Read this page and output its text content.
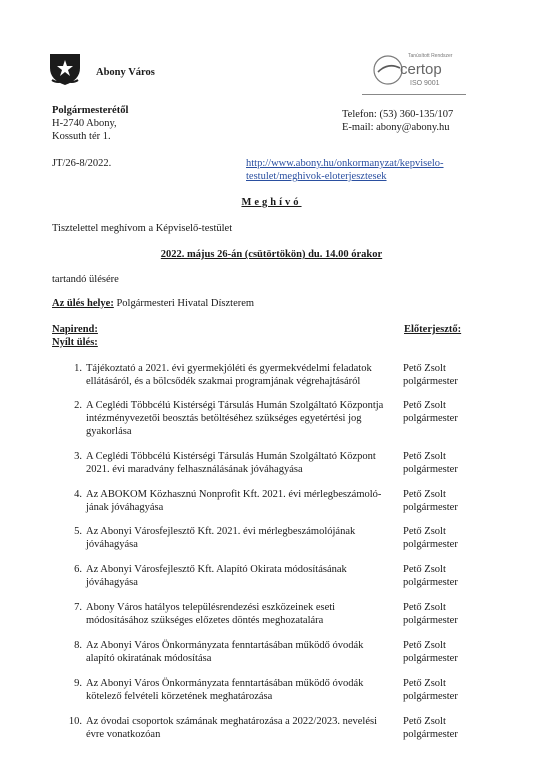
Abony Város
Tanúsított Rendszer
certop
ISO 9001
Polgármesterétől
H-2740 Abony,
Kossuth tér 1.
Telefon: (53) 360-135/107
E-mail: abony@abony.hu
JT/26-8/2022.	http://www.abony.hu/onkormanyzat/kepviselo-
testulet/meghivok-eloterjesztesek
Meghívó
Tisztelettel meghívom a Képviselő-testület
2022. május 26-án (csütörtökön) du. 14.00 órakor
tartandó ülésére
Az ülés helye: Polgármesteri Hivatal Díszterem
Napirend:
Nyílt ülés:
Előterjesztő:
1. Tájékoztató a 2021. évi gyermekjóléti és gyermekvédelmi feladatok
ellátásáról, és a bölcsődék szakmai programjának végrehajtásáról
Pető Zsolt
polgármester
2. A Ceglédi Többcélú Kistérségi Társulás Humán Szolgáltató Központja
intézményvezetői beosztás betöltéséhez szükséges egyetértési jog
gyakorlása
Pető Zsolt
polgármester
3. A Ceglédi Többcélú Kistérségi Társulás Humán Szolgáltató Központ
2021. évi maradvány felhasználásának jóváhagyása
Pető Zsolt
polgármester
4. Az ABOKOM Közhasznú Nonprofit Kft. 2021. évi mérlegbeszámoló-
jának jóváhagyása
Pető Zsolt
polgármester
5. Az Abonyi Városfejlesztő Kft. 2021. évi mérlegbeszámolójának
jóváhagyása
Pető Zsolt
polgármester
6. Az Abonyi Városfejlesztő Kft. Alapító Okirata módosításának
jóváhagyása
Pető Zsolt
polgármester
7. Abony Város hatályos településrendezési eszközeinek eseti
módosításához szükséges előzetes döntés meghozatalára
Pető Zsolt
polgármester
8. Az Abonyi Város Önkormányzata fenntartásában működő óvodák
alapító okiratának módosítása
Pető Zsolt
polgármester
9. Az Abonyi Város Önkormányzata fenntartásában működő óvodák
kötelező felvételi körzetének meghatározása
Pető Zsolt
polgármester
10. Az óvodai csoportok számának meghatározása a 2022/2023. nevelési
évre vonatkozóan
Pető Zsolt
polgármester
